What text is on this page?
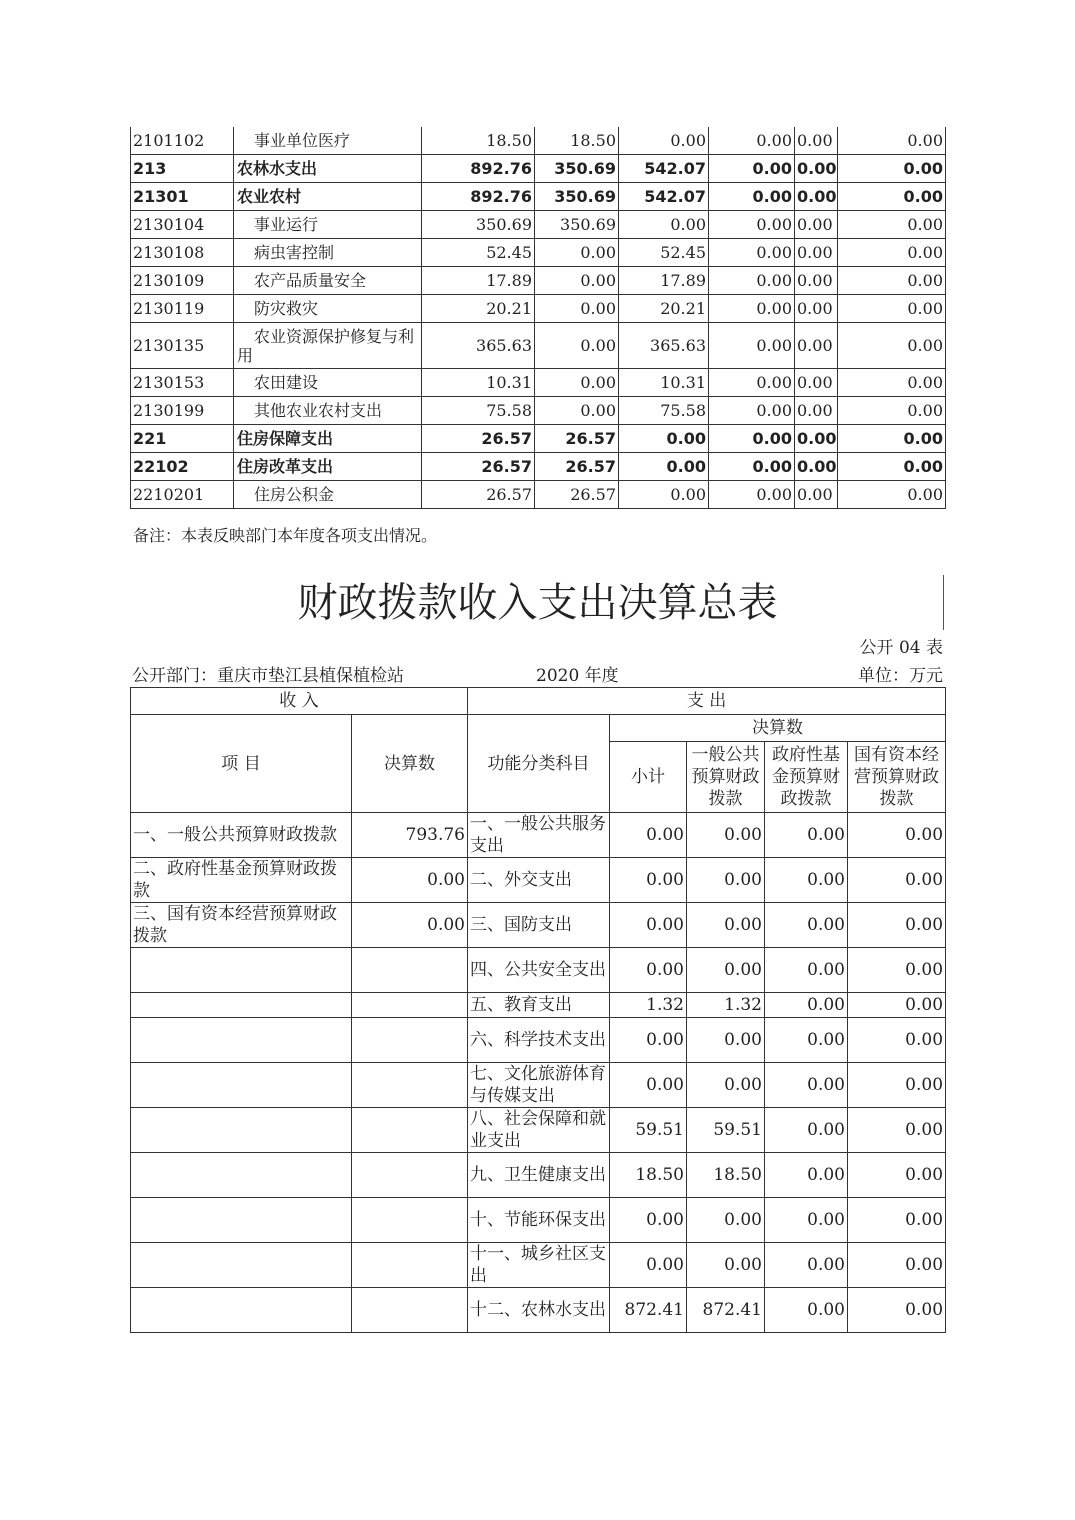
2101102	事业单位医疗	18.50	18.50	0.00	0.00	0.00	0.00
213	农林水支出	892.76	350.69	542.07	0.00	0.00	0.00
21301	农业农村	892.76	350.69	542.07	0.00	0.00	0.00
2130104	事业运行	350.69	350.69	0.00	0.00	0.00	0.00
2130108	病虫害控制	52.45	0.00	52.45	0.00	0.00	0.00
2130109	农产品质量安全	17.89	0.00	17.89	0.00	0.00	0.00
2130119	防灾救灾	20.21	0.00	20.21	0.00	0.00	0.00
2130135	农业资源保护修复与利用	365.63	0.00	365.63	0.00	0.00	0.00
2130153	农田建设	10.31	0.00	10.31	0.00	0.00	0.00
2130199	其他农业农村支出	75.58	0.00	75.58	0.00	0.00	0.00
221	住房保障支出	26.57	26.57	0.00	0.00	0.00	0.00
22102	住房改革支出	26.57	26.57	0.00	0.00	0.00	0.00
2210201	住房公积金	26.57	26.57	0.00	0.00	0.00	0.00
备注：本表反映部门本年度各项支出情况。
财政拨款收入支出决算总表
公开 04 表
公开部门：重庆市垫江县植保植检站	2020 年度	单位：万元
收 入		支 出				
项 目	决算数	功能分类科目	决算数			
			小计	一般公共预算财政拨款	政府性基金预算财政拨款	国有资本经营预算财政拨款
一、一般公共预算财政拨款	793.76	一、一般公共服务支出	0.00	0.00	0.00	0.00
二、政府性基金预算财政拨款	0.00	二、外交支出	0.00	0.00	0.00	0.00
三、国有资本经营预算财政拨款	0.00	三、国防支出	0.00	0.00	0.00	0.00
		四、公共安全支出	0.00	0.00	0.00	0.00
		五、教育支出	1.32	1.32	0.00	0.00
		六、科学技术支出	0.00	0.00	0.00	0.00
		七、文化旅游体育与传媒支出	0.00	0.00	0.00	0.00
		八、社会保障和就业支出	59.51	59.51	0.00	0.00
		九、卫生健康支出	18.50	18.50	0.00	0.00
		十、节能环保支出	0.00	0.00	0.00	0.00
		十一、城乡社区支出	0.00	0.00	0.00	0.00
		十二、农林水支出	872.41	872.41	0.00	0.00
